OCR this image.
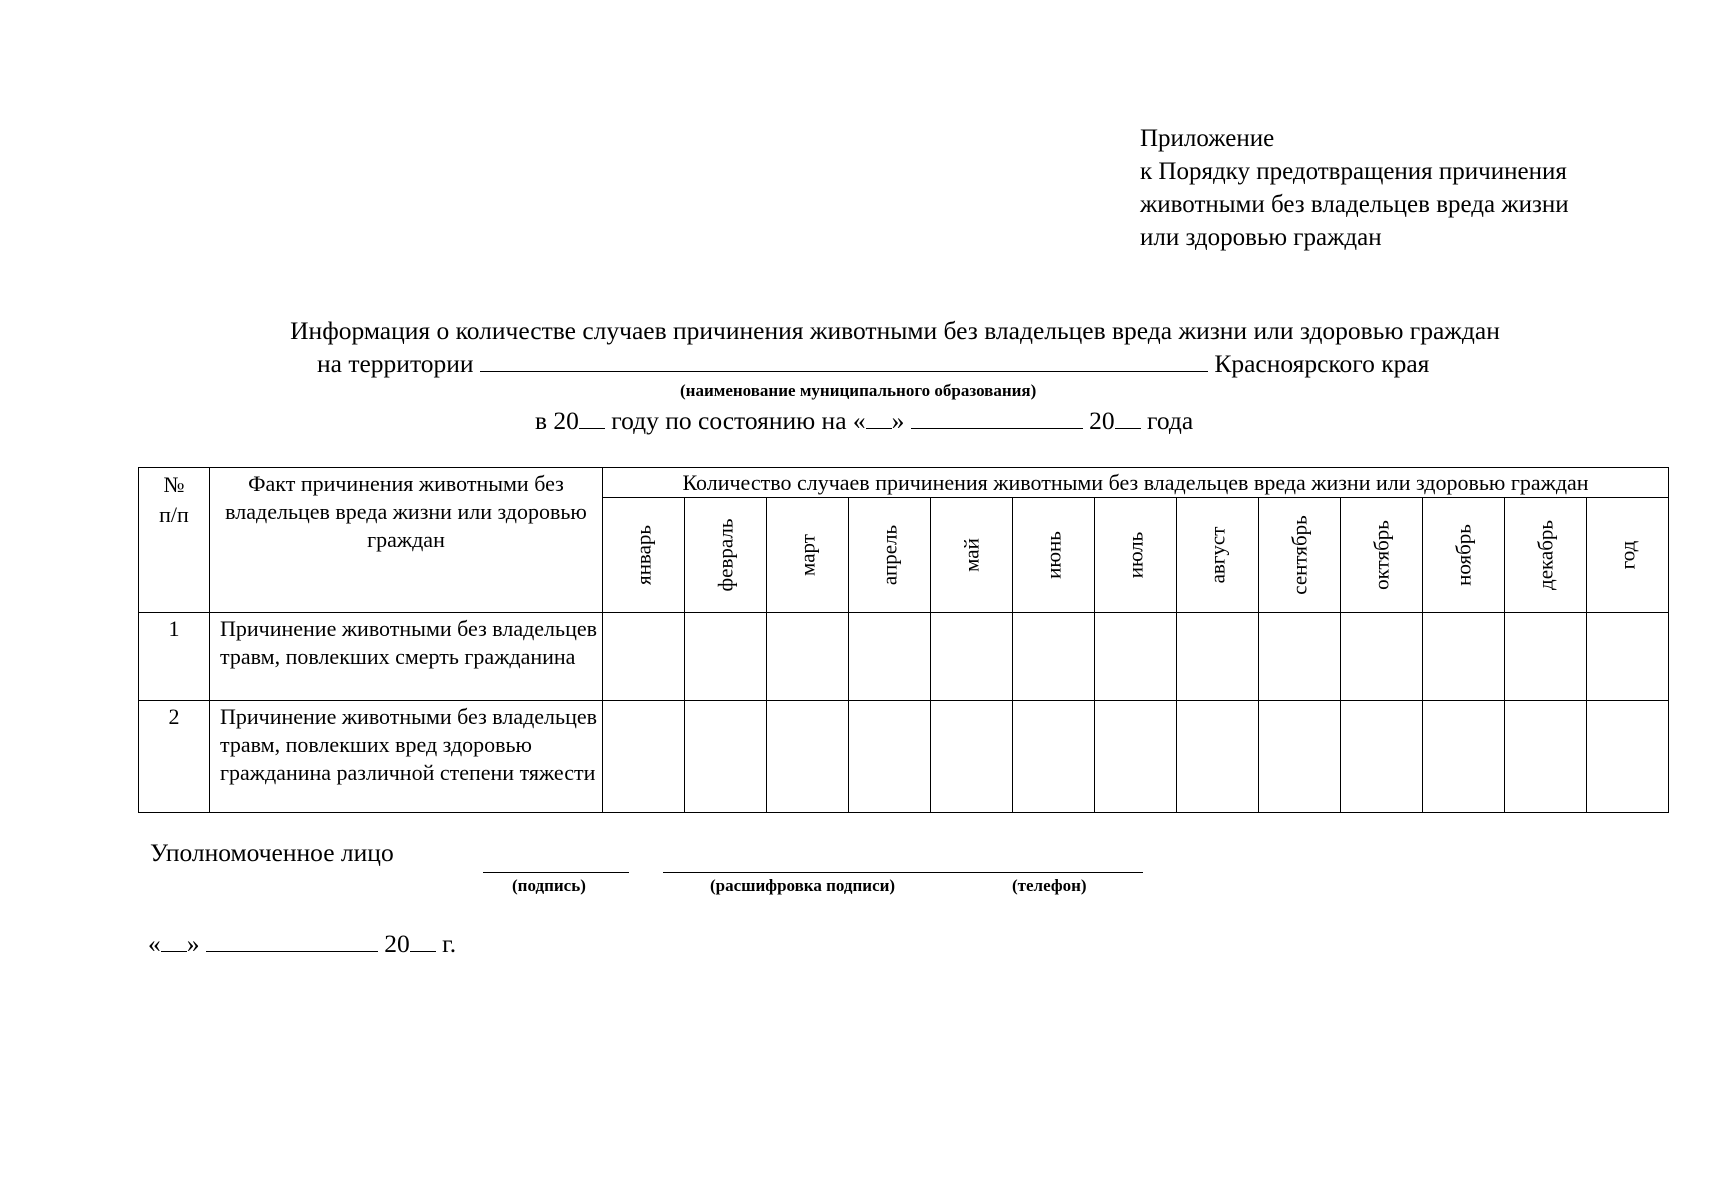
Приложение
к Порядку предотвращения причинения
животными без владельцев вреда жизни
или здоровью граждан
Информация о количестве случаев причинения животными без владельцев вреда жизни или здоровью граждан
на территории	Красноярского края
(наименование муниципального образования)
в 20 году по состоянию на « »	20 года
№ п/п	Факт причинения животными без владельцев вреда жизни или здоровью граждан	Количество случаев причинения животными без владельцев вреда жизни или здоровью граждан												

		январь	февраль	март	апрель	май	июнь	июль	август	сентябрь	октябрь	ноябрь	декабрь	год

1	Причинение животными без владельцев травм, повлекших смерть гражданина													
2	Причинение животными без владельцев травм, повлекших вред здоровью гражданина различной степени тяжести													
Уполномоченное лицо
(подпись)	(расшифровка подписи)	(телефон)
« »	20 г.
